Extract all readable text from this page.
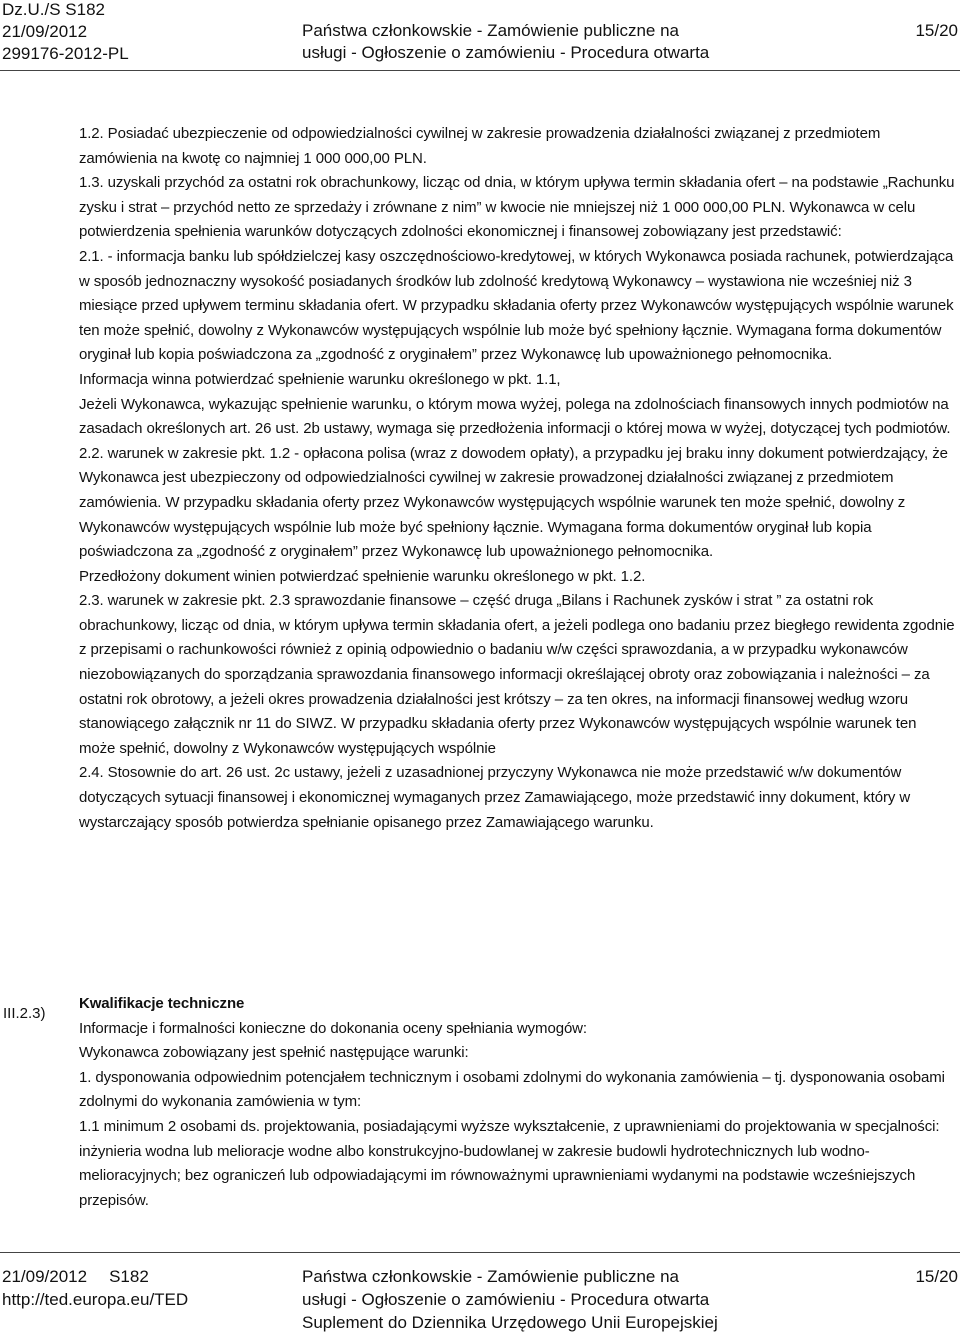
Dz.U./S S182
21/09/2012
299176-2012-PL
Państwa członkowskie - Zamówienie publiczne na
usługi - Ogłoszenie o zamówieniu - Procedura otwarta
15/20

1.2. Posiadać ubezpieczenie od odpowiedzialności cywilnej w zakresie prowadzenia działalności związanej z przedmiotem zamówienia na kwotę co najmniej 1 000 000,00 PLN.

1.3. uzyskali przychód za ostatni rok obrachunkowy, licząc od dnia, w którym upływa termin składania ofert – na podstawie „Rachunku zysku i strat – przychód netto ze sprzedaży i zrównane z nim” w kwocie nie mniejszej niż 1 000 000,00 PLN. Wykonawca w celu potwierdzenia spełnienia warunków dotyczących zdolności ekonomicznej i finansowej zobowiązany jest przedstawić:

2.1. - informacja banku lub spółdzielczej kasy oszczędnościowo-kredytowej, w których Wykonawca posiada rachunek, potwierdzająca w sposób jednoznaczny wysokość posiadanych środków lub zdolność kredytową Wykonawcy – wystawiona nie wcześniej niż 3 miesiące przed upływem terminu składania ofert. W przypadku składania oferty przez Wykonawców występujących wspólnie warunek ten może spełnić, dowolny z Wykonawców występujących wspólnie lub może być spełniony łącznie. Wymagana forma dokumentów oryginał lub kopia poświadczona za „zgodność z oryginałem” przez Wykonawcę lub upoważnionego pełnomocnika.

Informacja winna potwierdzać spełnienie warunku określonego w pkt. 1.1,

Jeżeli Wykonawca, wykazując spełnienie warunku, o którym mowa wyżej, polega na zdolnościach finansowych innych podmiotów na zasadach określonych art. 26 ust. 2b ustawy, wymaga się przedłożenia informacji o której mowa w wyżej, dotyczącej tych podmiotów.

2.2. warunek w zakresie pkt. 1.2 - opłacona polisa (wraz z dowodem opłaty), a przypadku jej braku inny dokument potwierdzający, że Wykonawca jest ubezpieczony od odpowiedzialności cywilnej w zakresie prowadzonej działalności związanej z przedmiotem zamówienia. W przypadku składania oferty przez Wykonawców występujących wspólnie warunek ten może spełnić, dowolny z Wykonawców występujących wspólnie lub może być spełniony łącznie. Wymagana forma dokumentów oryginał lub kopia poświadczona za „zgodność z oryginałem” przez Wykonawcę lub upoważnionego pełnomocnika.

Przedłożony dokument winien potwierdzać spełnienie warunku określonego w pkt. 1.2.

2.3. warunek w zakresie pkt. 2.3 sprawozdanie finansowe – część druga „Bilans i Rachunek zysków i strat ” za ostatni rok obrachunkowy, licząc od dnia, w którym upływa termin składania ofert, a jeżeli podlega ono badaniu przez biegłego rewidenta zgodnie z przepisami o rachunkowości również z opinią odpowiednio o badaniu w/w części sprawozdania, a w przypadku wykonawców niezobowiązanych do sporządzania sprawozdania finansowego informacji określającej obroty oraz zobowiązania i należności – za ostatni rok obrotowy, a jeżeli okres prowadzenia działalności jest krótszy – za ten okres, na informacji finansowej według wzoru stanowiącego załącznik nr 11 do SIWZ. W przypadku składania oferty przez Wykonawców występujących wspólnie warunek ten może spełnić, dowolny z Wykonawców występujących wspólnie

2.4. Stosownie do art. 26 ust. 2c ustawy, jeżeli z uzasadnionej przyczyny Wykonawca nie może przedstawić w/w dokumentów dotyczących sytuacji finansowej i ekonomicznej wymaganych przez Zamawiającego, może przedstawić inny dokument, który w wystarczający sposób potwierdza spełnianie opisanego przez Zamawiającego warunku.

III.2.3)
Kwalifikacje techniczne

Informacje i formalności konieczne do dokonania oceny spełniania wymogów:

Wykonawca zobowiązany jest spełnić następujące warunki:

1. dysponowania odpowiednim potencjałem technicznym i osobami zdolnymi do wykonania zamówienia – tj. dysponowania osobami zdolnymi do wykonania zamówienia w tym:

1.1 minimum 2 osobami ds. projektowania, posiadającymi wyższe wykształcenie, z uprawnieniami do projektowania w specjalności: inżynieria wodna lub melioracje wodne albo konstrukcyjno-budowlanej w zakresie budowli hydrotechnicznych lub wodno-melioracyjnych; bez ograniczeń lub odpowiadającymi im równoważnymi uprawnieniami wydanymi na podstawie wcześniejszych przepisów.

21/09/2012 S182
http://ted.europa.eu/TED
Państwa członkowskie - Zamówienie publiczne na
usługi - Ogłoszenie o zamówieniu - Procedura otwarta
Suplement do Dziennika Urzędowego Unii Europejskiej
15/20
